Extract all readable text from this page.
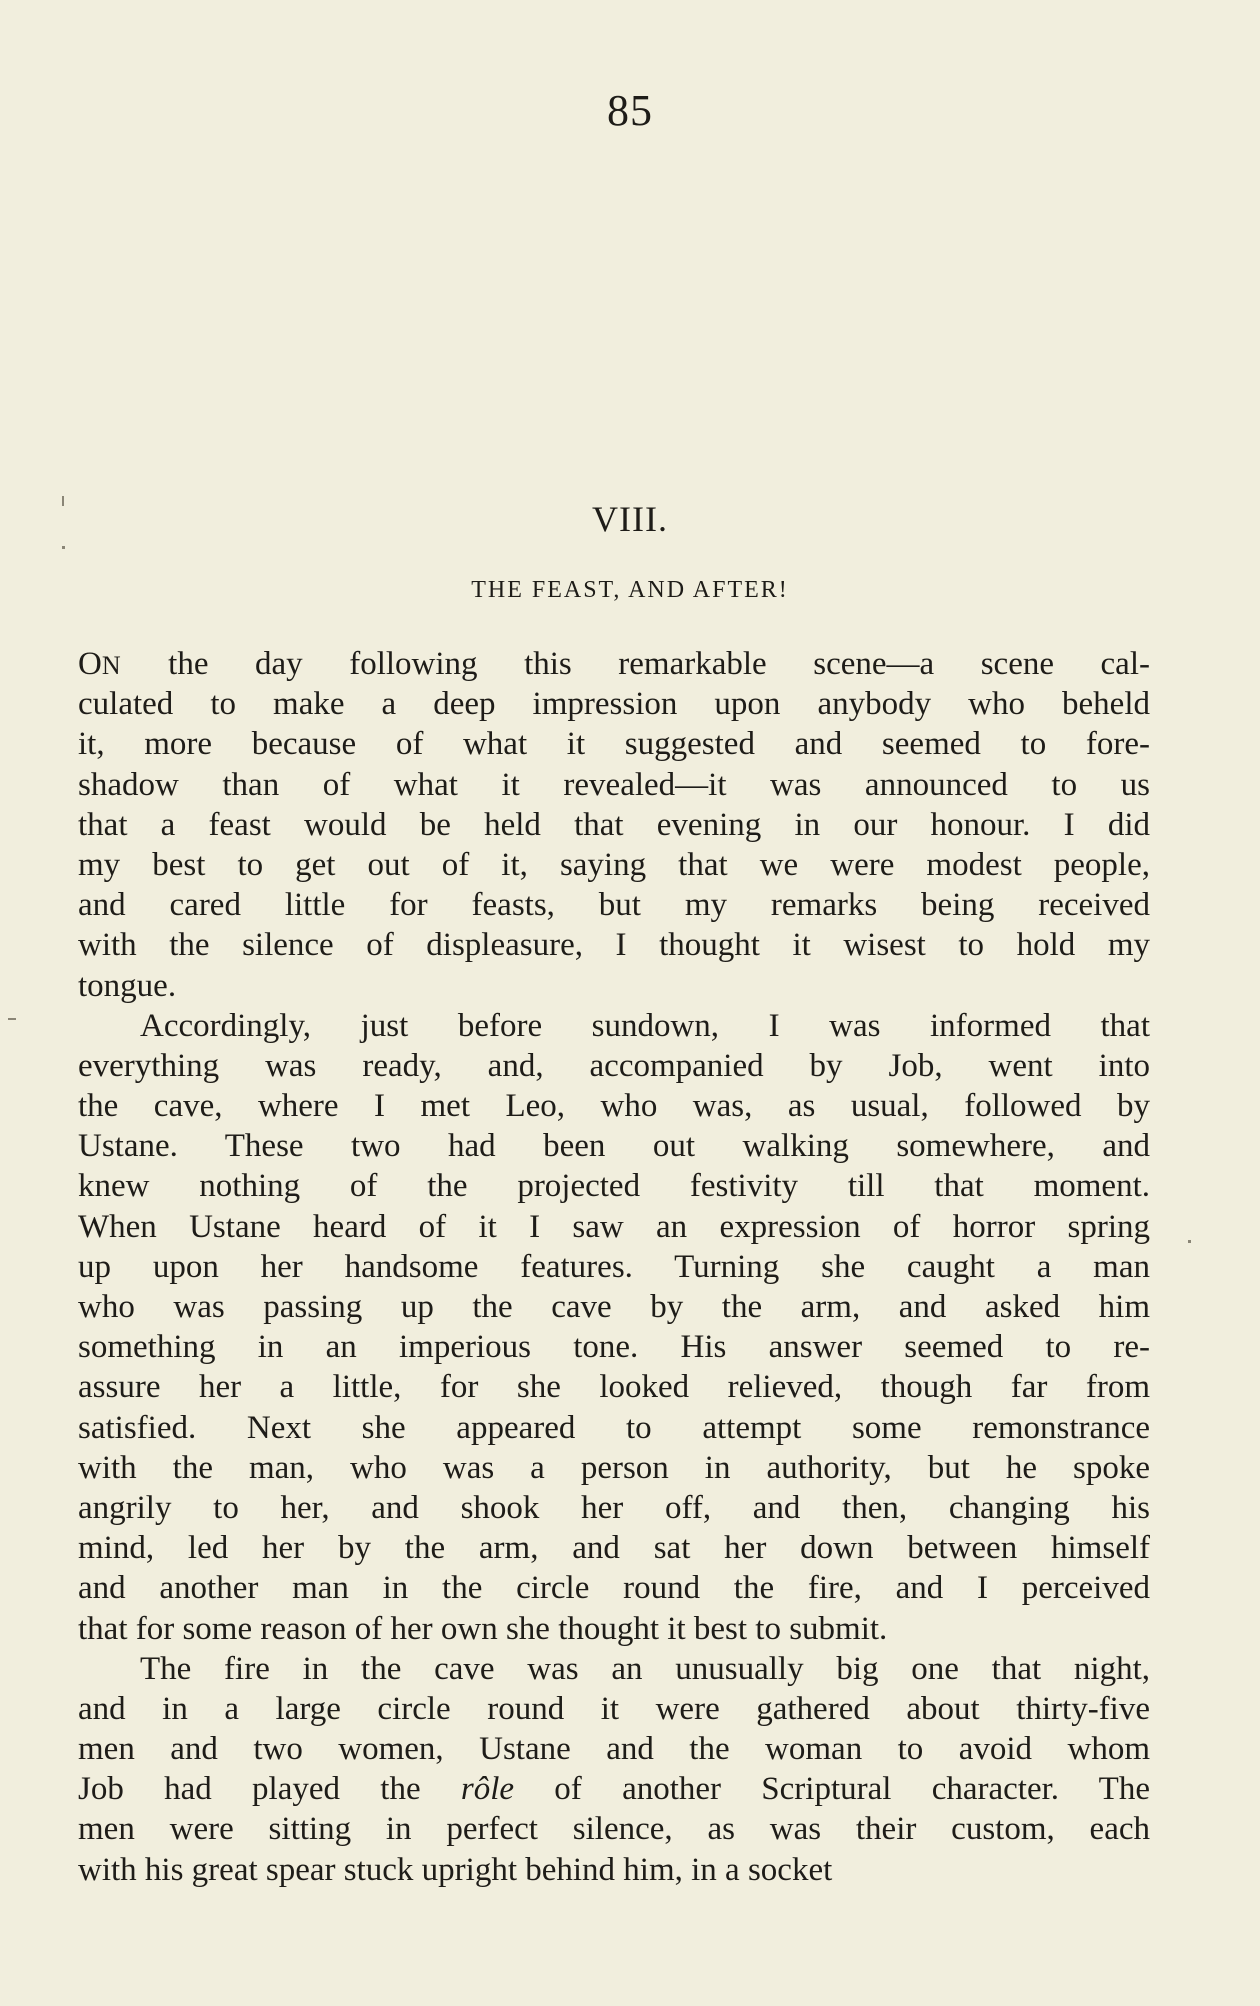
85
VIII.
THE FEAST, AND AFTER!
ON the day following this remarkable scene—a scene cal-
culated to make a deep impression upon anybody who beheld
it, more because of what it suggested and seemed to fore-
shadow than of what it revealed—it was announced to us
that a feast would be held that evening in our honour. I did
my best to get out of it, saying that we were modest people,
and cared little for feasts, but my remarks being received
with the silence of displeasure, I thought it wisest to hold my
tongue.
Accordingly, just before sundown, I was informed that
everything was ready, and, accompanied by Job, went into
the cave, where I met Leo, who was, as usual, followed by
Ustane. These two had been out walking somewhere, and
knew nothing of the projected festivity till that moment.
When Ustane heard of it I saw an expression of horror spring
up upon her handsome features. Turning she caught a man
who was passing up the cave by the arm, and asked him
something in an imperious tone. His answer seemed to re-
assure her a little, for she looked relieved, though far from
satisfied. Next she appeared to attempt some remonstrance
with the man, who was a person in authority, but he spoke
angrily to her, and shook her off, and then, changing his
mind, led her by the arm, and sat her down between himself
and another man in the circle round the fire, and I perceived
that for some reason of her own she thought it best to submit.
The fire in the cave was an unusually big one that night,
and in a large circle round it were gathered about thirty-five
men and two women, Ustane and the woman to avoid whom
Job had played the rôle of another Scriptural character. The
men were sitting in perfect silence, as was their custom, each
with his great spear stuck upright behind him, in a socket
